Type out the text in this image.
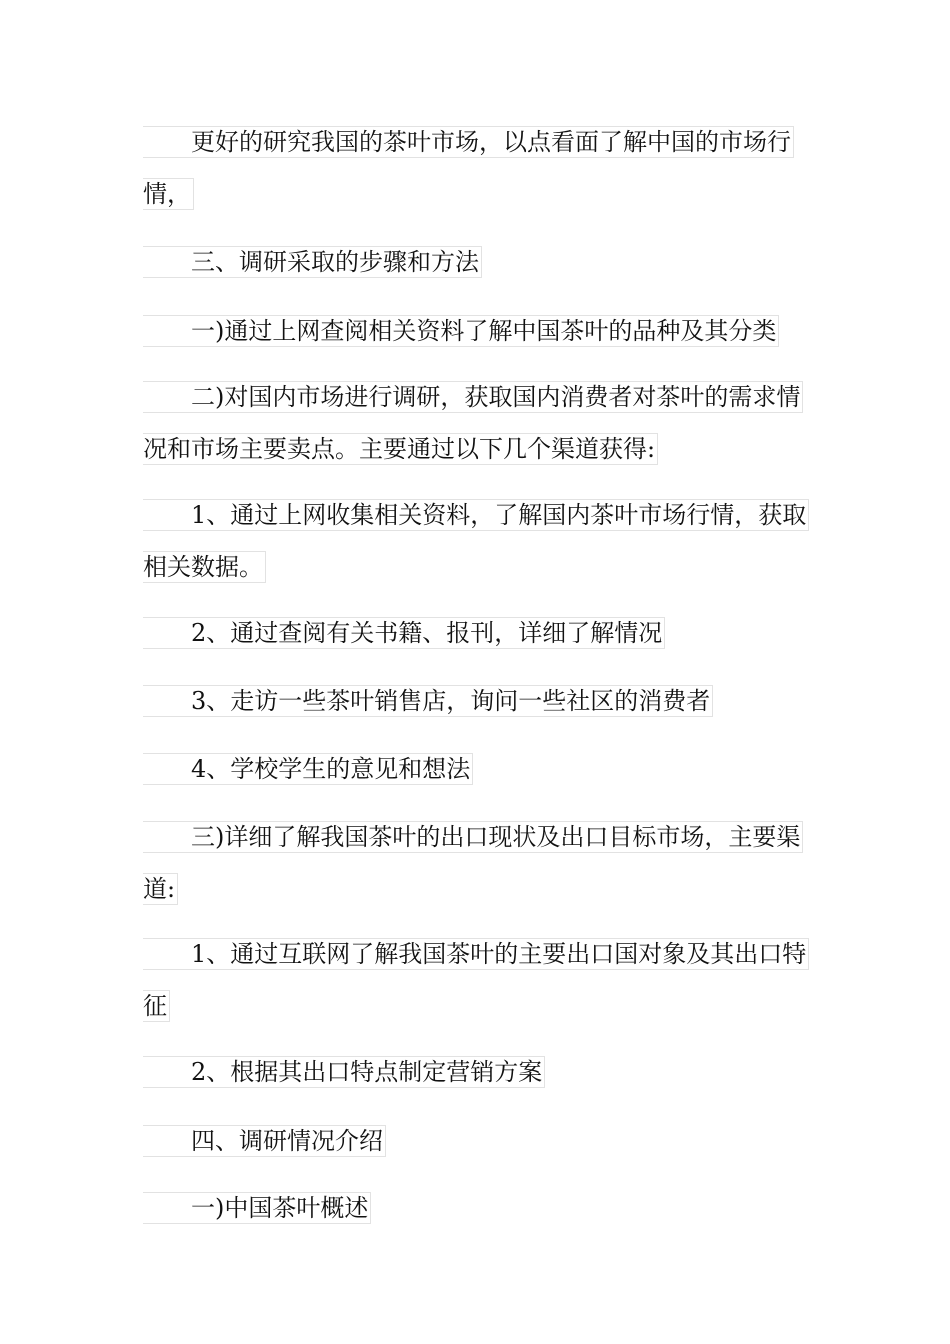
更好的研究我国的茶叶市场，以点看面了解中国的市场行
情，
三、调研采取的步骤和方法
一)通过上网查阅相关资料了解中国茶叶的品种及其分类
二)对国内市场进行调研，获取国内消费者对茶叶的需求情
况和市场主要卖点。主要通过以下几个渠道获得:
1、通过上网收集相关资料，了解国内茶叶市场行情，获取
相关数据。
2、通过查阅有关书籍、报刊，详细了解情况
3、走访一些茶叶销售店，询问一些社区的消费者
4、学校学生的意见和想法
三)详细了解我国茶叶的出口现状及出口目标市场，主要渠
道:
1、通过互联网了解我国茶叶的主要出口国对象及其出口特
征
2、根据其出口特点制定营销方案
四、调研情况介绍
一)中国茶叶概述
